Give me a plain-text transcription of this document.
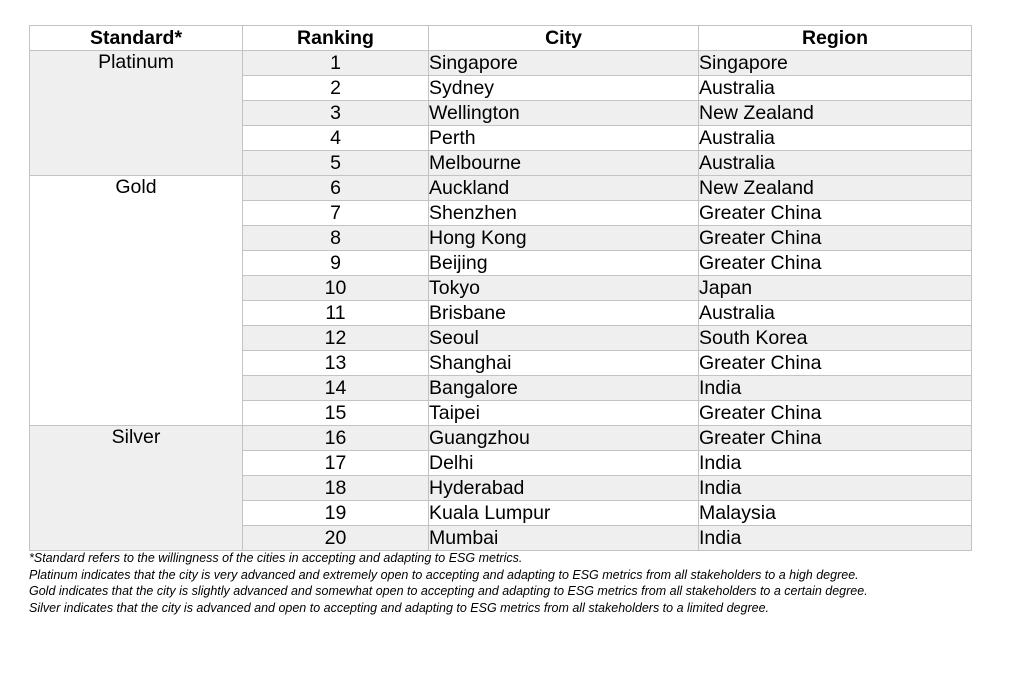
Standard*	Ranking	City	Region
Platinum	1	Singapore	Singapore
	2	Sydney	Australia
	3	Wellington	New Zealand
	4	Perth	Australia
	5	Melbourne	Australia
Gold	6	Auckland	New Zealand
	7	Shenzhen	Greater China
	8	Hong Kong	Greater China
	9	Beijing	Greater China
	10	Tokyo	Japan
	11	Brisbane	Australia
	12	Seoul	South Korea
	13	Shanghai	Greater China
	14	Bangalore	India
	15	Taipei	Greater China
Silver	16	Guangzhou	Greater China
	17	Delhi	India
	18	Hyderabad	India
	19	Kuala Lumpur	Malaysia
	20	Mumbai	India

*Standard refers to the willingness of the cities in accepting and adapting to ESG metrics.

Platinum indicates that the city is very advanced and extremely open to accepting and adapting to ESG metrics from all stakeholders to a high degree.

Gold indicates that the city is slightly advanced and somewhat open to accepting and adapting to ESG metrics from all stakeholders to a certain degree.

Silver indicates that the city is advanced and open to accepting and adapting to ESG metrics from all stakeholders to a limited degree.
